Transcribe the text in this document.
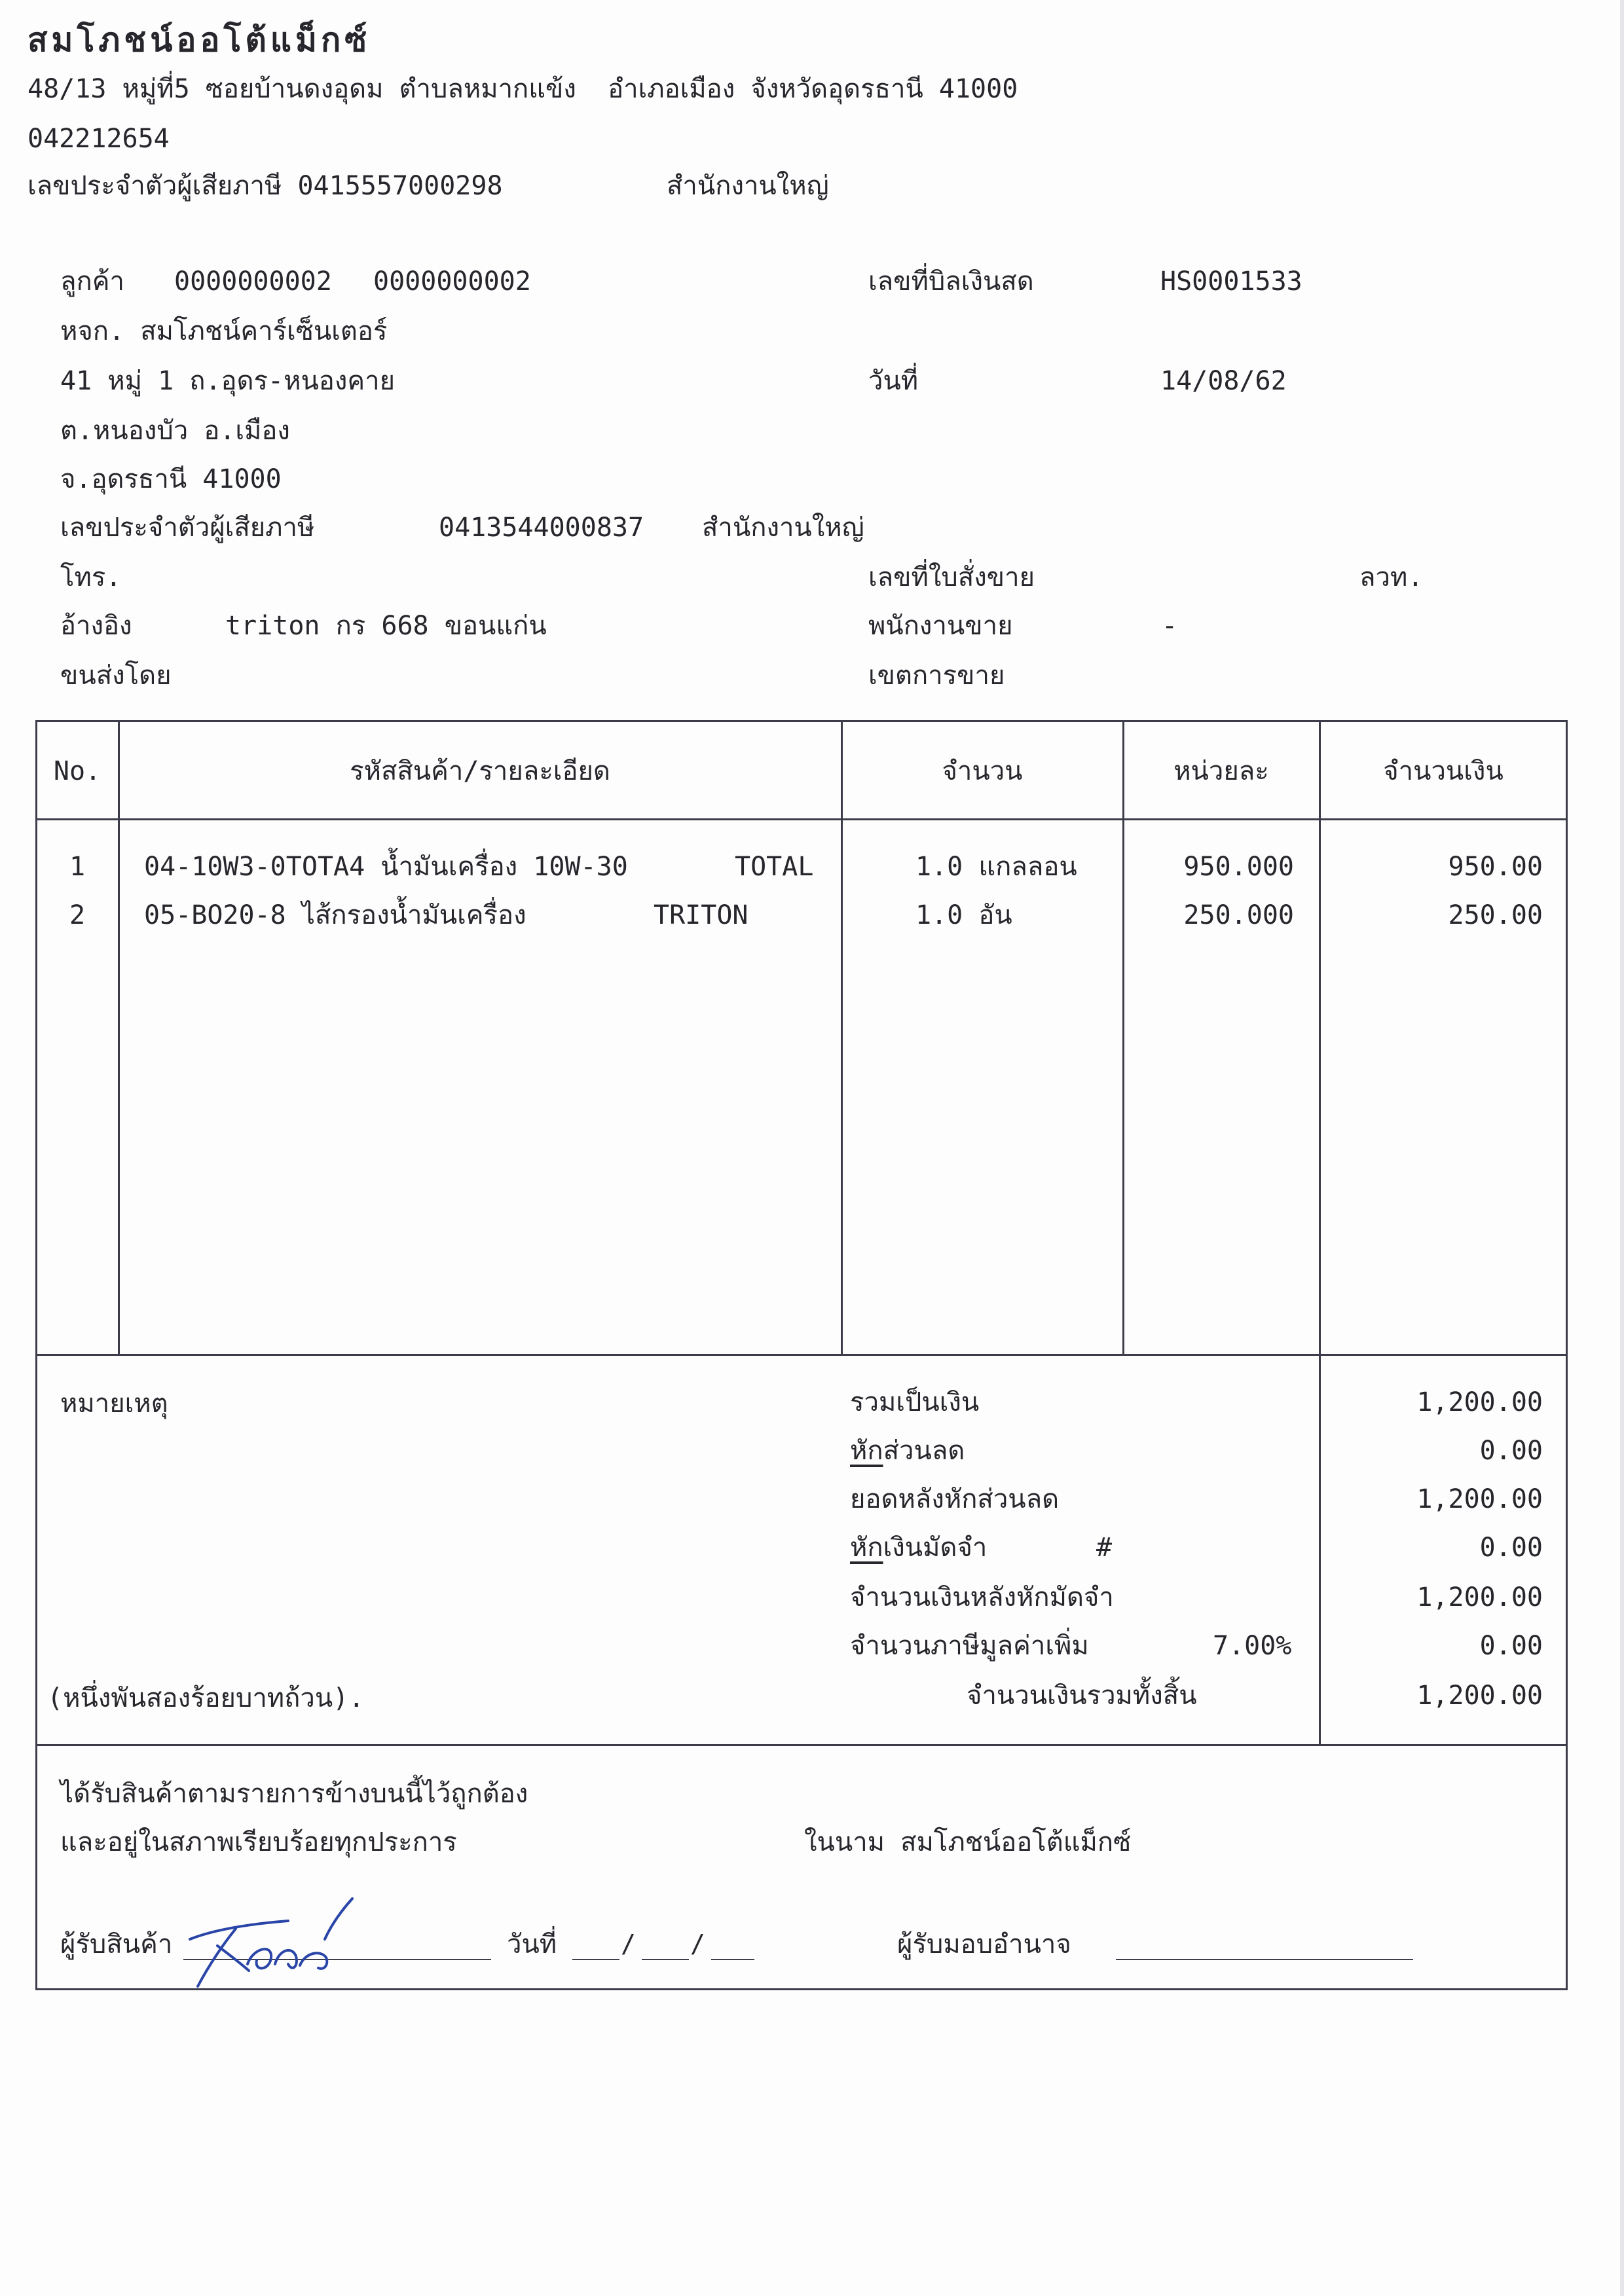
สมโภชน์ออโต้แม็กซ์
48/13 หมู่ที่5 ซอยบ้านดงอุดม ตำบลหมากแข้ง  อำเภอเมือง จังหวัดอุดรธานี 41000
042212654
เลขประจำตัวผู้เสียภาษี 0415557000298	สำนักงานใหญ่
ลูกค้า 0000000002 0000000002
หจก. สมโภชน์คาร์เซ็นเตอร์
41 หมู่ 1 ถ.อุดร-หนองคาย
ต.หนองบัว อ.เมือง
จ.อุดรธานี 41000
เลขประจำตัวผู้เสียภาษี	0413544000837 สำนักงานใหญ่
โทร.
อ้างอิง	triton กร 668 ขอนแก่น
ขนส่งโดย
เลขที่บิลเงินสด	HS0001533
วันที่	14/08/62
เลขที่ใบสั่งขาย	ลวท.
พนักงานขาย	-
เขตการขาย
No.	รหัสสินค้า/รายละเอียด	จำนวน	หน่วยละ	จำนวนเงิน
1	04-10W3-0TOTA4 น้ำมันเครื่อง 10W-30	TOTAL	1.0 แกลลอน	950.000	950.00
2	05-BO20-8 ไส้กรองน้ำมันเครื่อง	TRITON	1.0 อัน	250.000	250.00
หมายเหตุ	รวมเป็นเงิน	1,200.00
หักส่วนลด	0.00
ยอดหลังหักส่วนลด	1,200.00
หักเงินมัดจำ	#	0.00
จำนวนเงินหลังหักมัดจำ	1,200.00
จำนวนภาษีมูลค่าเพิ่ม	7.00%	0.00
(หนึ่งพันสองร้อยบาทถ้วน).	จำนวนเงินรวมทั้งสิ้น	1,200.00
ได้รับสินค้าตามรายการข้างบนนี้ไว้ถูกต้อง
และอยู่ในสภาพเรียบร้อยทุกประการ	ในนาม สมโภชน์ออโต้แม็กซ์
ผู้รับสินค้า	วันที่	/ /	ผู้รับมอบอำนาจ
